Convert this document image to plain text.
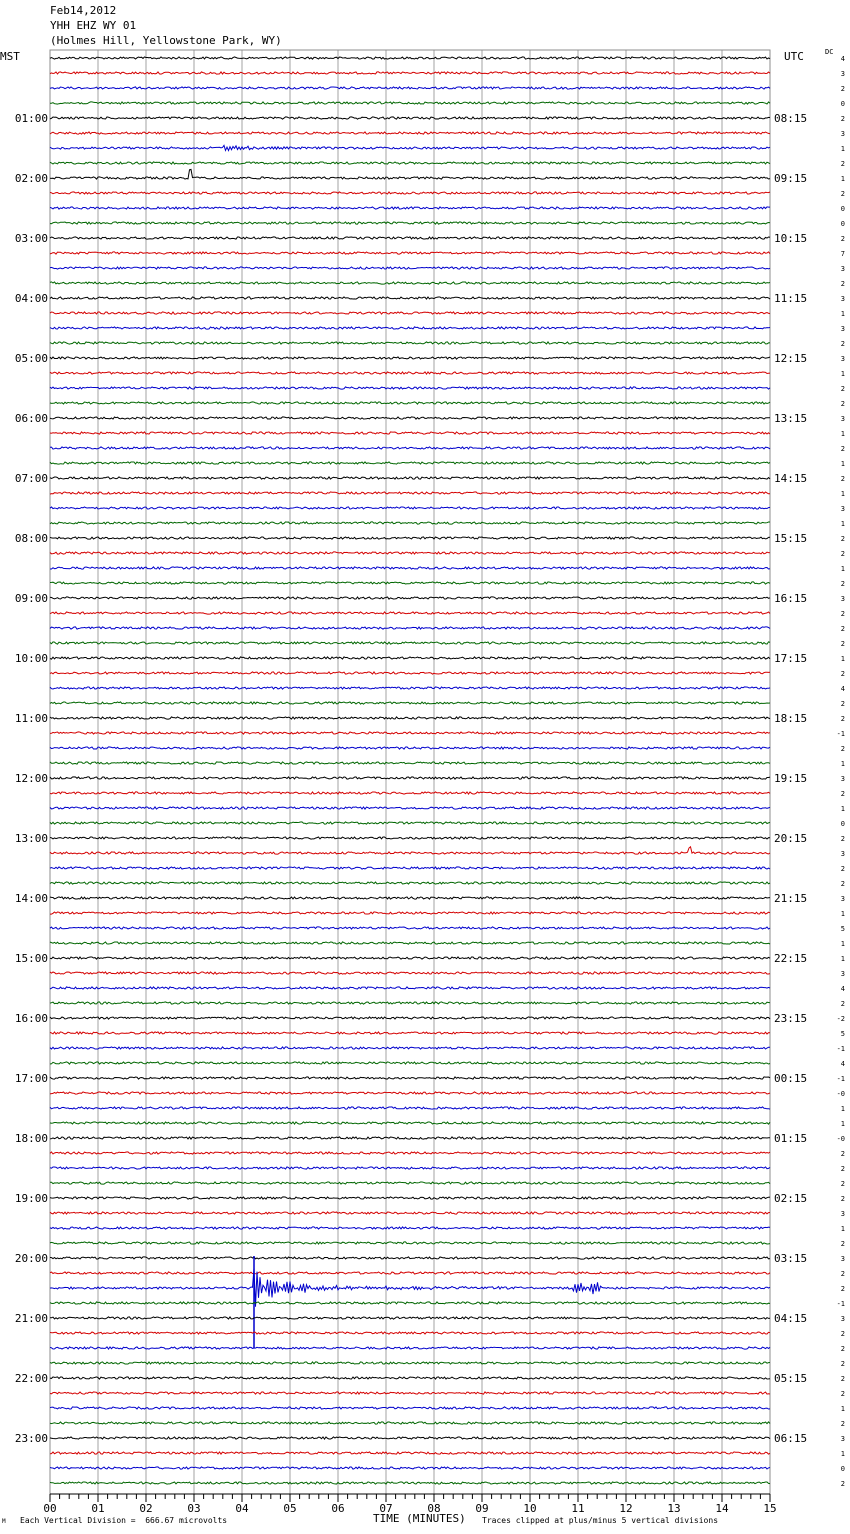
Feb14,2012
YHH EHZ WY 01
(Holmes Hill, Yellowstone Park, WY)
MST	UTC	DC
TIME (MINUTES)
Each Vertical Division =  666.67 microvolts	Traces clipped at plus/minus 5 vertical divisions
M
01:00
02:00
03:00
04:00
05:00
06:00
07:00
08:00
09:00
10:00
11:00
12:00
13:00
14:00
15:00
16:00
17:00
18:00
19:00
20:00
21:00
22:00
23:00
08:15
09:15
10:15
11:15
12:15
13:15
14:15
15:15
16:15
17:15
18:15
19:15
20:15
21:15
22:15
23:15
00:15
01:15
02:15
03:15
04:15
05:15
06:15
4
3
2
0
2
3
1
2
1
2
0
0
2
7
3
2
3
1
3
2
3
1
2
2
3
1
2
1
2
1
3
1
2
2
1
2
3
2
2
2
1
2
4
2
2
-1
2
1
3
2
1
0
2
3
2
2
3
1
5
1
1
3
4
2
-2
5
-1
4
-1
-0
1
1
-0
2
2
2
2
3
1
2
3
2
2
-1
3
2
2
2
2
2
1
2
3
1
0
2
00	01	02	03	04	05	06	07	08	09	10	11	12	13	14	15
